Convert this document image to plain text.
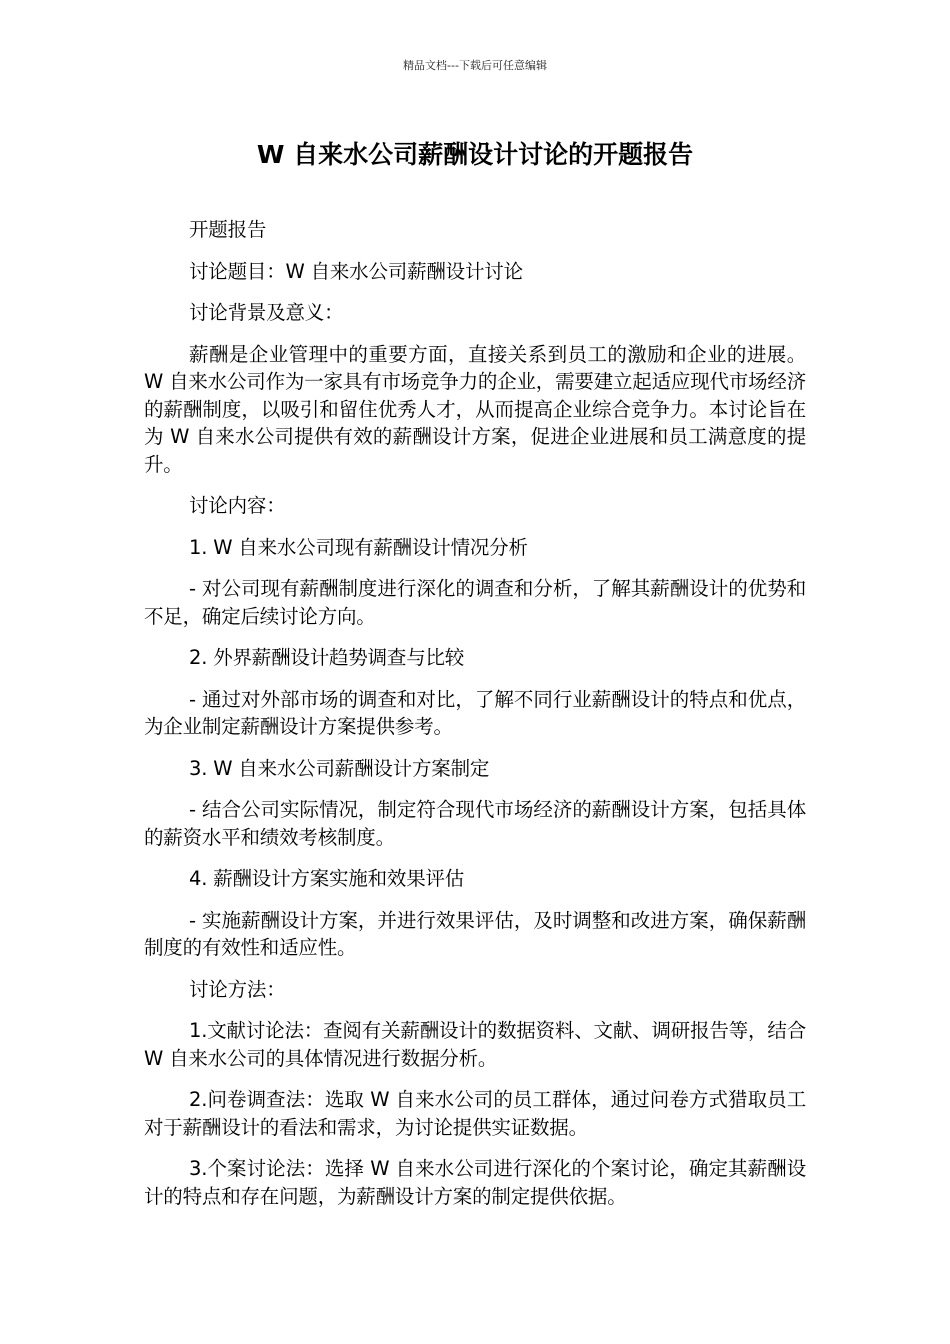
精品文档---下载后可任意编辑
W 自来水公司薪酬设计讨论的开题报告

开题报告

讨论题目：W 自来水公司薪酬设计讨论

讨论背景及意义：

薪酬是企业管理中的重要方面，直接关系到员工的激励和企业的进展。W 自来水公司作为一家具有市场竞争力的企业，需要建立起适应现代市场经济的薪酬制度，以吸引和留住优秀人才，从而提高企业综合竞争力。本讨论旨在为 W 自来水公司提供有效的薪酬设计方案，促进企业进展和员工满意度的提升。

讨论内容：

1. W 自来水公司现有薪酬设计情况分析

- 对公司现有薪酬制度进行深化的调查和分析，了解其薪酬设计的优势和不足，确定后续讨论方向。

2. 外界薪酬设计趋势调查与比较

- 通过对外部市场的调查和对比，了解不同行业薪酬设计的特点和优点，为企业制定薪酬设计方案提供参考。

3. W 自来水公司薪酬设计方案制定

- 结合公司实际情况，制定符合现代市场经济的薪酬设计方案，包括具体的薪资水平和绩效考核制度。

4. 薪酬设计方案实施和效果评估

- 实施薪酬设计方案，并进行效果评估，及时调整和改进方案，确保薪酬制度的有效性和适应性。

讨论方法：

1.文献讨论法：查阅有关薪酬设计的数据资料、文献、调研报告等，结合 W 自来水公司的具体情况进行数据分析。

2.问卷调查法：选取 W 自来水公司的员工群体，通过问卷方式猎取员工对于薪酬设计的看法和需求，为讨论提供实证数据。

3.个案讨论法：选择 W 自来水公司进行深化的个案讨论，确定其薪酬设计的特点和存在问题，为薪酬设计方案的制定提供依据。
